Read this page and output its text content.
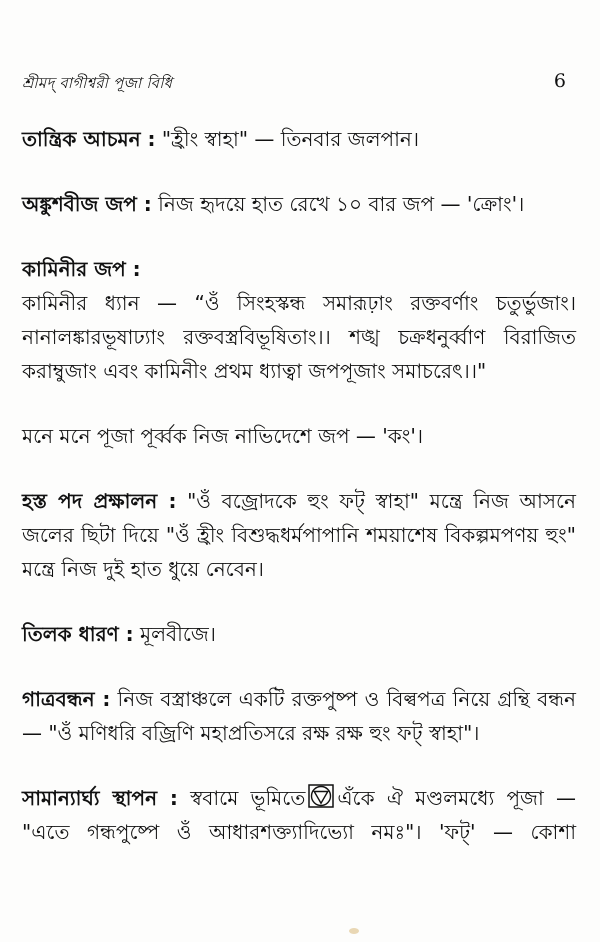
শ্রীমদ্ বাগীশ্বরী পূজা বিধি	6

তান্ত্রিক আচমন : "হ্রীং স্বাহা" — তিনবার জলপান।

অঙ্কুশবীজ জপ : নিজ হৃদয়ে হাত রেখে ১০ বার জপ — 'ক্রোং'।

কামিনীর জপ :
কামিনীর ধ্যান — “ওঁ সিংহস্কন্ধ সমারূঢ়াং রক্তবর্ণাং চতুর্ভুজাং।
নানালঙ্কারভূষাঢ্যাং রক্তবস্ত্রবিভূষিতাং।। শঙ্খ চক্রধনুর্ব্বাণ বিরাজিত
করাম্বুজাং এবং কামিনীং প্রথম ধ্যাত্বা জপপূজাং সমাচরেৎ।।"

মনে মনে পূজা পূর্ব্বক নিজ নাভিদেশে জপ — 'কং'।

হস্ত পদ প্রক্ষালন : "ওঁ বজ্রোদকে হুং ফট্ স্বাহা" মন্ত্রে নিজ আসনে
জলের ছিটা দিয়ে "ওঁ হ্রীং বিশুদ্ধধর্মপাপানি শময়াশেষ বিকল্পমপণয় হুং"
মন্ত্রে নিজ দুই হাত ধুয়ে নেবেন।

তিলক ধারণ : মূলবীজে।

গাত্রবন্ধন : নিজ বস্ত্রাঞ্চলে একটি রক্তপুষ্প ও বিল্বপত্র নিয়ে গ্রন্থি বন্ধন
— "ওঁ মণিধরি বজ্রিণি মহাপ্রতিসরে রক্ষ রক্ষ হুং ফট্ স্বাহা"।

সামান্যার্ঘ্য স্থাপন : স্ববামে ভূমিতে এঁকে ঐ মণ্ডলমধ্যে পূজা —
"এতে গন্ধপুষ্পে ওঁ আধারশক্ত্যাদিভ্যো নমঃ"। 'ফট্' — কোশা
